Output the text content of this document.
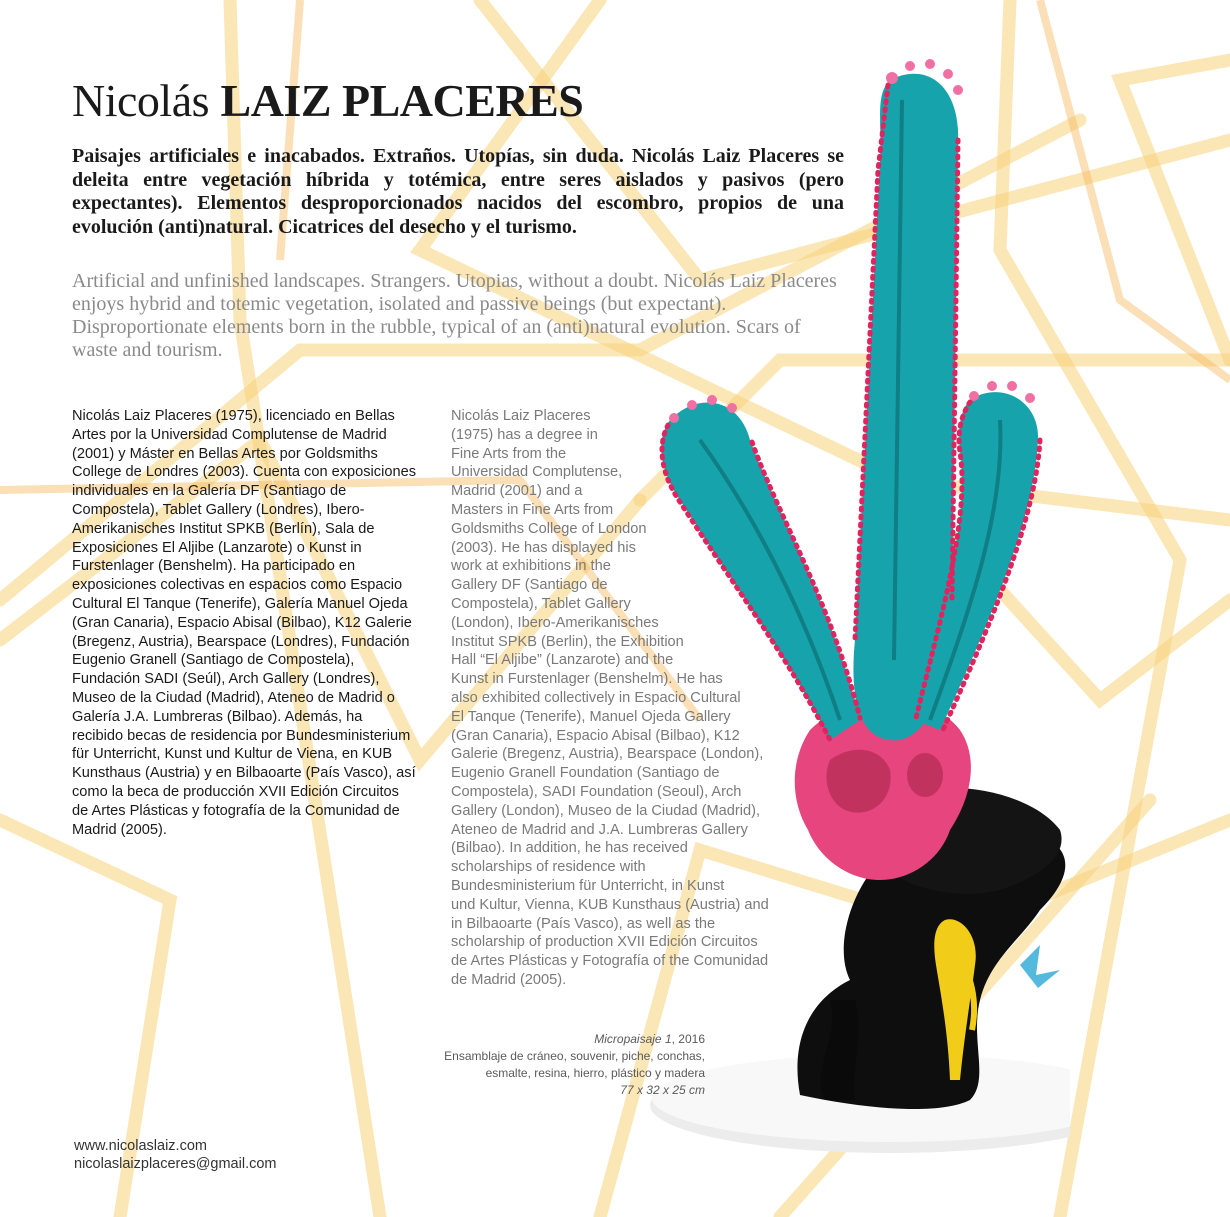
Nicolás LAIZ PLACERES

Paisajes artificiales e inacabados. Extraños. Utopías, sin duda. Nicolás Laiz Placeres se deleita entre vegetación híbrida y totémica, entre seres aislados y pasivos (pero expectantes). Elementos desproporcionados nacidos del escombro, propios de una evolución (anti)natural. Cicatrices del desecho y el turismo.

Artificial and unfinished landscapes. Strangers. Utopias, without a doubt. Nicolás Laiz Placeres enjoys hybrid and totemic vegetation, isolated and passive beings (but expectant). Disproportionate elements born in the rubble, typical of an (anti)natural evolution. Scars of waste and tourism.

Nicolás Laiz Placeres (1975), licenciado en Bellas Artes por la Universidad Complutense de Madrid (2001) y Máster en Bellas Artes por Goldsmiths College de Londres (2003). Cuenta con exposiciones individuales en la Galería DF (Santiago de Compostela), Tablet Gallery (Londres), Ibero-Amerikanisches Institut SPKB (Berlín), Sala de Exposiciones El Aljibe (Lanzarote) o Kunst in Furstenlager (Benshelm). Ha participado en exposiciones colectivas en espacios como Espacio Cultural El Tanque (Tenerife), Galería Manuel Ojeda (Gran Canaria), Espacio Abisal (Bilbao), K12 Galerie (Bregenz, Austria), Bearspace (Londres), Fundación Eugenio Granell (Santiago de Compostela), Fundación SADI (Seúl), Arch Gallery (Londres), Museo de la Ciudad (Madrid), Ateneo de Madrid o Galería J.A. Lumbreras (Bilbao). Además, ha recibido becas de residencia por Bundesministerium für Unterricht, Kunst und Kultur de Viena, en KUB Kunsthaus (Austria) y en Bilbaoarte (País Vasco), así como la beca de producción XVII Edición Circuitos de Artes Plásticas y fotografía de la Comunidad de Madrid (2005).

Nicolás Laiz Placeres
(1975) has a degree in
Fine Arts from the
Universidad Complutense,
Madrid (2001) and a
Masters in Fine Arts from
Goldsmiths College of London
(2003). He has displayed his
work at exhibitions in the
Gallery DF (Santiago de
Compostela), Tablet Gallery
(London), Ibero-Amerikanisches
Institut SPKB (Berlin), the Exhibition
Hall “El Aljibe” (Lanzarote) and the
Kunst in Furstenlager (Benshelm). He has
also exhibited collectively in Espacio Cultural
El Tanque (Tenerife), Manuel Ojeda Gallery
(Gran Canaria), Espacio Abisal (Bilbao), K12
Galerie (Bregenz, Austria), Bearspace (London),
Eugenio Granell Foundation (Santiago de
Compostela), SADI Foundation (Seoul), Arch
Gallery (London), Museo de la Ciudad (Madrid),
Ateneo de Madrid and J.A. Lumbreras Gallery
(Bilbao). In addition, he has received
scholarships of residence with
Bundesministerium für Unterricht, in Kunst
und Kultur, Vienna, KUB Kunsthaus (Austria) and
in Bilbaoarte (País Vasco), as well as the
scholarship of production XVII Edición Circuitos
de Artes Plásticas y Fotografía of the Comunidad
de Madrid (2005).
Micropaisaje 1, 2016
Ensamblaje de cráneo, souvenir, piche, conchas,
esmalte, resina, hierro, plástico y madera
77 x 32 x 25 cm
www.nicolaslaiz.com
nicolaslaizplaceres@gmail.com
